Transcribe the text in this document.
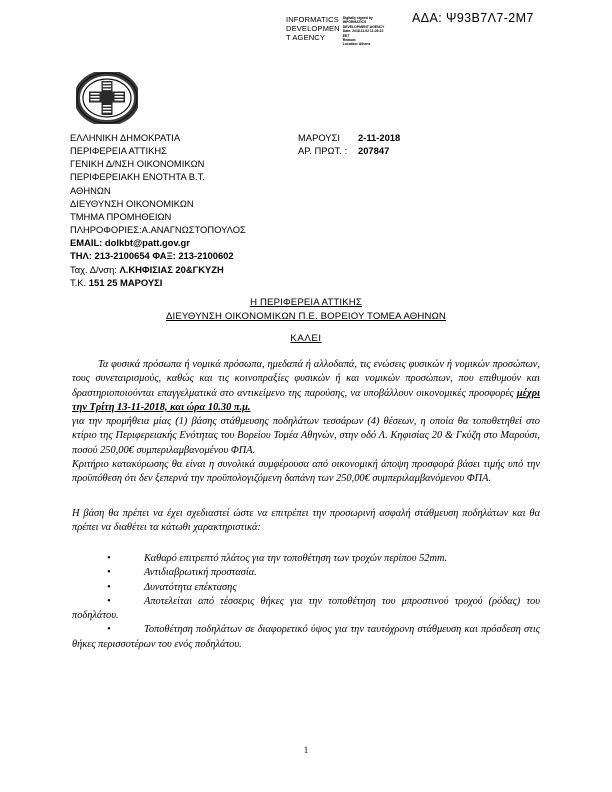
ΑΔΑ: Ψ93Β7Λ7-2Μ7
INFORMATICS
DEVELOPMEN
T AGENCY
Digitally signed by
INFORMATICS
DEVELOPMENT AGENCY
Date: 2018.11.02 11:26:22
EET
Reason:
Location: Athens
ΕΛΛΗΝΙΚΗ ΔΗΜΟΚΡΑΤΙΑ
ΠΕΡΙΦΕΡΕΙΑ ΑΤΤΙΚΗΣ
ΓΕΝΙΚΗ Δ/ΝΣΗ ΟΙΚΟΝΟΜΙΚΩΝ
ΠΕΡΙΦΕΡΕΙΑΚΗ ΕΝΟΤΗΤΑ Β.Τ.
ΑΘΗΝΩΝ
ΔΙΕΥΘΥΝΣΗ ΟΙΚΟΝΟΜΙΚΩΝ
ΤΜΗΜΑ ΠΡΟΜΗΘΕΙΩΝ
ΠΛΗΡΟΦΟΡΙΕΣ:Α.ΑΝΑΓΝΩΣΤΟΠΟΥΛΟΣ
EMAIL: dolkbt@patt.gov.gr
ΤΗΛ: 213-2100654 ΦΑΞ: 213-2100602
Ταχ. Δ/νση: Λ.ΚΗΦΙΣΙΑΣ 20&ΓΚΥΖΗ
Τ.Κ. 151 25 ΜΑΡΟΥΣΙ
ΜΑΡΟΥΣΙ 2-11-2018
ΑΡ. ΠΡΩΤ. : 207847
Η ΠΕΡΙΦΕΡΕΙΑ ΑΤΤΙΚΗΣ
ΔΙΕΥΘΥΝΣΗ ΟΙΚΟΝΟΜΙΚΩΝ Π.Ε. ΒΟΡΕΙΟΥ ΤΟΜΕΑ ΑΘΗΝΩΝ
ΚΑΛΕΙ
Τα φυσικά πρόσωπα ή νομικά πρόσωπα, ημεδαπά ή αλλοδαπά, τις ενώσεις φυσικών ή νομικών προσώπων, τους συνεταιρισμούς, καθώς και τις κοινοπραξίες φυσικών ή και νομικών προσώπων, που επιθυμούν και δραστηριοποιούνται επαγγελματικά στο αντικείμενο της παρούσης, να υποβάλλουν οικονομικές προσφορές μέχρι την Τρίτη 13-11-2018, και ώρα 10.30 π.μ.
για την προμήθεια μίας (1) βάσης στάθμευσης ποδηλάτων τεσσάρων (4) θέσεων, η οποία θα τοποθετηθεί στο κτίριο της Περιφερειακής Ενότητας του Βορείου Τομέα Αθηνών, στην οδό Λ. Κηφισίας 20 & Γκύζη στο Μαρούσι, ποσού 250,00€ συμπεριλαμβανομένου ΦΠΑ.
Κριτήριο κατακύρωσης θα είναι η συνολικά συμφέρουσα από οικονομική άποψη προσφορά βάσει τιμής υπό την προϋπόθεση ότι δεν ξεπερνά την προϋπολογιζόμενη δαπάνη των 250,00€ συμπεριλαμβανόμενου ΦΠΑ.
Η βάση θα πρέπει να έχει σχεδιαστεί ώστε να επιτρέπει την προσωρινή ασφαλή στάθμευση ποδηλάτων και θα πρέπει να διαθέτει τα κάτωθι χαρακτηριστικά:
•	Καθαρό επιτρεπτό πλάτος για την τοποθέτηση των τροχών περίπου 52mm.
•	Αντιδιαβρωτική προστασία.
•	Δυνατότητα επέκτασης
•	Αποτελείται από τέσσερις θήκες για την τοποθέτηση του μπροστινού τροχού (ρόδας) του ποδηλάτου.
•	Τοποθέτηση ποδηλάτων σε διαφορετικό ύψος για την ταυτόχρονη στάθμευση και πρόσδεση στις θήκες περισσοτέρων του ενός ποδηλάτου.
1
